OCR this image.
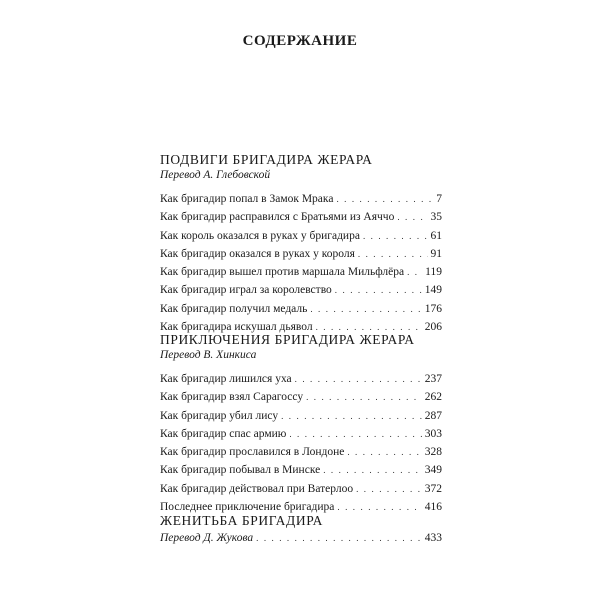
СОДЕРЖАНИЕ
ПОДВИГИ БРИГАДИРА ЖЕРАРА
Перевод А. Глебовской
Как бригадир попал в Замок Мрака . . .	7
Как бригадир расправился с Братьями из Аяччо . . .	35
Как король оказался в руках у бригадира . . .	61
Как бригадир оказался в руках у короля . . .	91
Как бригадир вышел против маршала Мильфлёра . . . 119
Как бригадир играл за королевство . . .	149
Как бригадир получил медаль . . .	176
Как бригадира искушал дьявол . . .	206
ПРИКЛЮЧЕНИЯ БРИГАДИРА ЖЕРАРА
Перевод В. Хинкиса
Как бригадир лишился уха . . .	237
Как бригадир взял Сарагоссу . . .	262
Как бригадир убил лису . . .	287
Как бригадир спас армию . . .	303
Как бригадир прославился в Лондоне . . .	328
Как бригадир побывал в Минске . . .	349
Как бригадир действовал при Ватерлоо . . .	372
Последнее приключение бригадира . . .	416
ЖЕНИТЬБА БРИГАДИРА
Перевод Д. Жукова . . .	433
